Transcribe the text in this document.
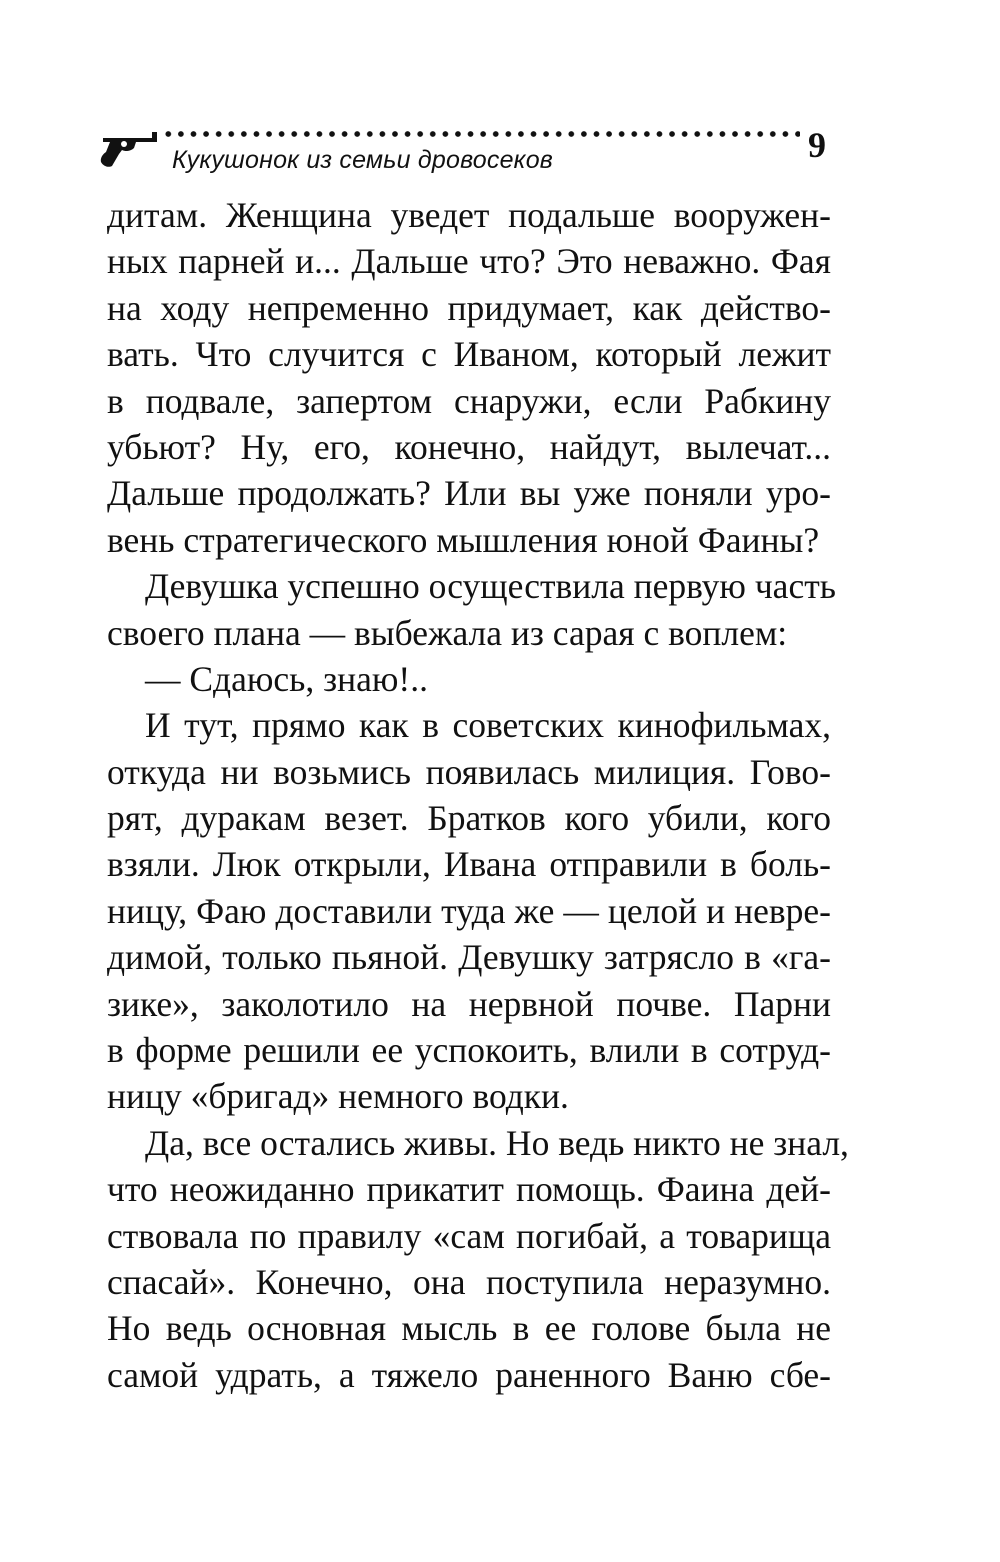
Кукушонок из семьи дровосеков	9
дитам. Женщина уведет подальше вооружен-
ных парней и... Дальше что? Это неважно. Фая
на ходу непременно придумает, как действо-
вать. Что случится с Иваном, который лежит
в подвале, запертом снаружи, если Рабкину
убьют? Ну, его, конечно, найдут, вылечат...
Дальше продолжать? Или вы уже поняли уро-
вень стратегического мышления юной Фаины?
Девушка успешно осуществила первую часть
своего плана — выбежала из сарая с воплем:
— Сдаюсь, знаю!..
И тут, прямо как в советских кинофильмах,
откуда ни возьмись появилась милиция. Гово-
рят, дуракам везет. Братков кого убили, кого
взяли. Люк открыли, Ивана отправили в боль-
ницу, Фаю доставили туда же — целой и невре-
димой, только пьяной. Девушку затрясло в «га-
зике», заколотило на нервной почве. Парни
в форме решили ее успокоить, влили в сотруд-
ницу «бригад» немного водки.
Да, все остались живы. Но ведь никто не знал,
что неожиданно прикатит помощь. Фаина дей-
ствовала по правилу «сам погибай, а товарища
спасай». Конечно, она поступила неразумно.
Но ведь основная мысль в ее голове была не
самой удрать, а тяжело раненного Ваню сбе-
